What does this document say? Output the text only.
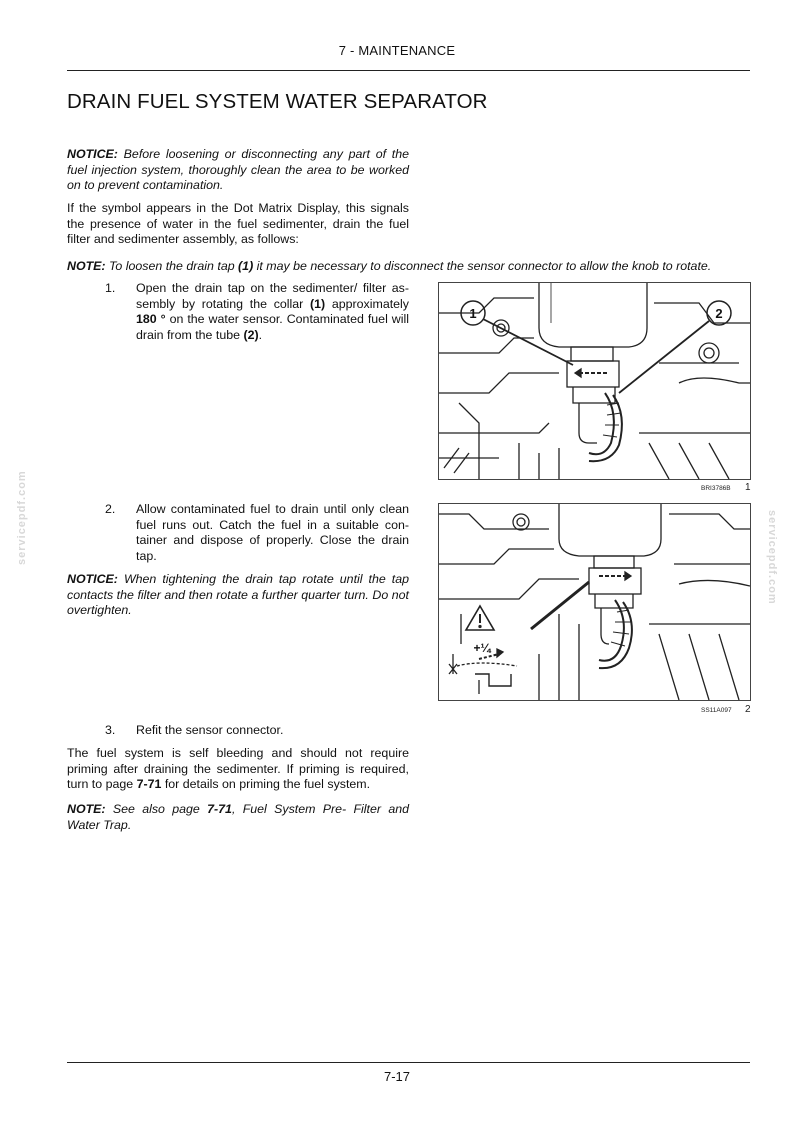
7 - MAINTENANCE
DRAIN FUEL SYSTEM WATER SEPARATOR
NOTICE: Before loosening or disconnecting any part of the fuel injection system, thoroughly clean the area to be worked on to prevent contamination.
If the symbol appears in the Dot Matrix Display, this signals the presence of water in the fuel sedimenter, drain the fuel filter and sedimenter assembly, as follows:
NOTE: To loosen the drain tap (1) it may be necessary to disconnect the sensor connector to allow the knob to rotate.
1. Open the drain tap on the sedimenter/ filter as-sembly by rotating the collar (1) approximately 180 ° on the water sensor. Contaminated fuel will drain from the tube (2).
1	2
BRI3786B 1
servicepdf.com	servicepdf.com
2. Allow contaminated fuel to drain until only clean fuel runs out. Catch the fuel in a suitable con-tainer and dispose of properly. Close the drain tap.
NOTICE: When tightening the drain tap rotate until the tap contacts the filter and then rotate a further quarter turn. Do not overtighten.
+¼
SS11A097 2
3. Refit the sensor connector.
The fuel system is self bleeding and should not require priming after draining the sedimenter. If priming is required, turn to page 7-71 for details on priming the fuel system.
NOTE: See also page 7-71, Fuel System Pre- Filter and Water Trap.
7-17
